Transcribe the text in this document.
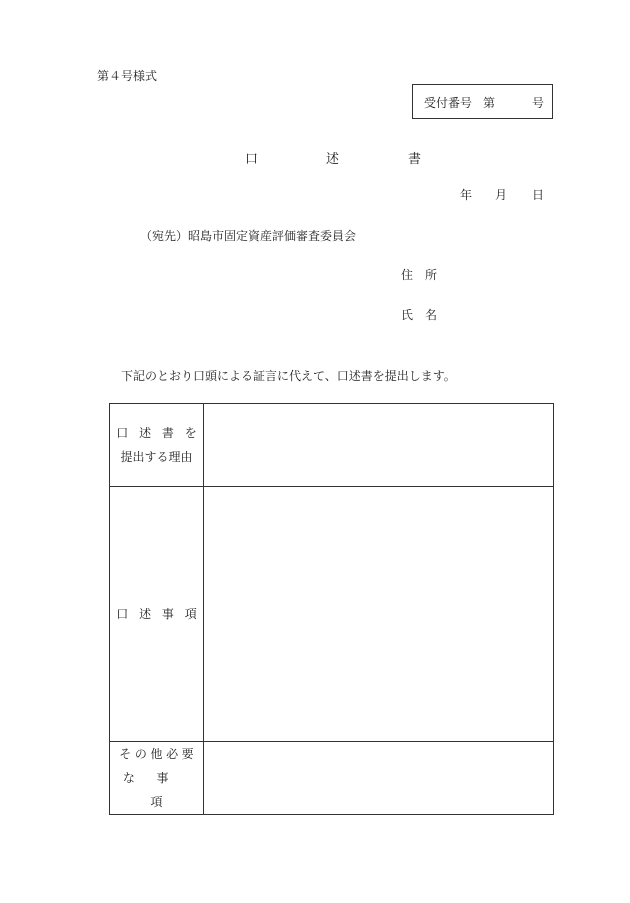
第４号様式
受付番号 第	号
口	述	書
年 月 日
（宛先）昭島市固定資産評価審査委員会
住　所
氏　名
下記のとおり口頭による証言に代えて、口述書を提出します。
口述書を
提出する理由	

口述事項	

その他必要
な事項	
